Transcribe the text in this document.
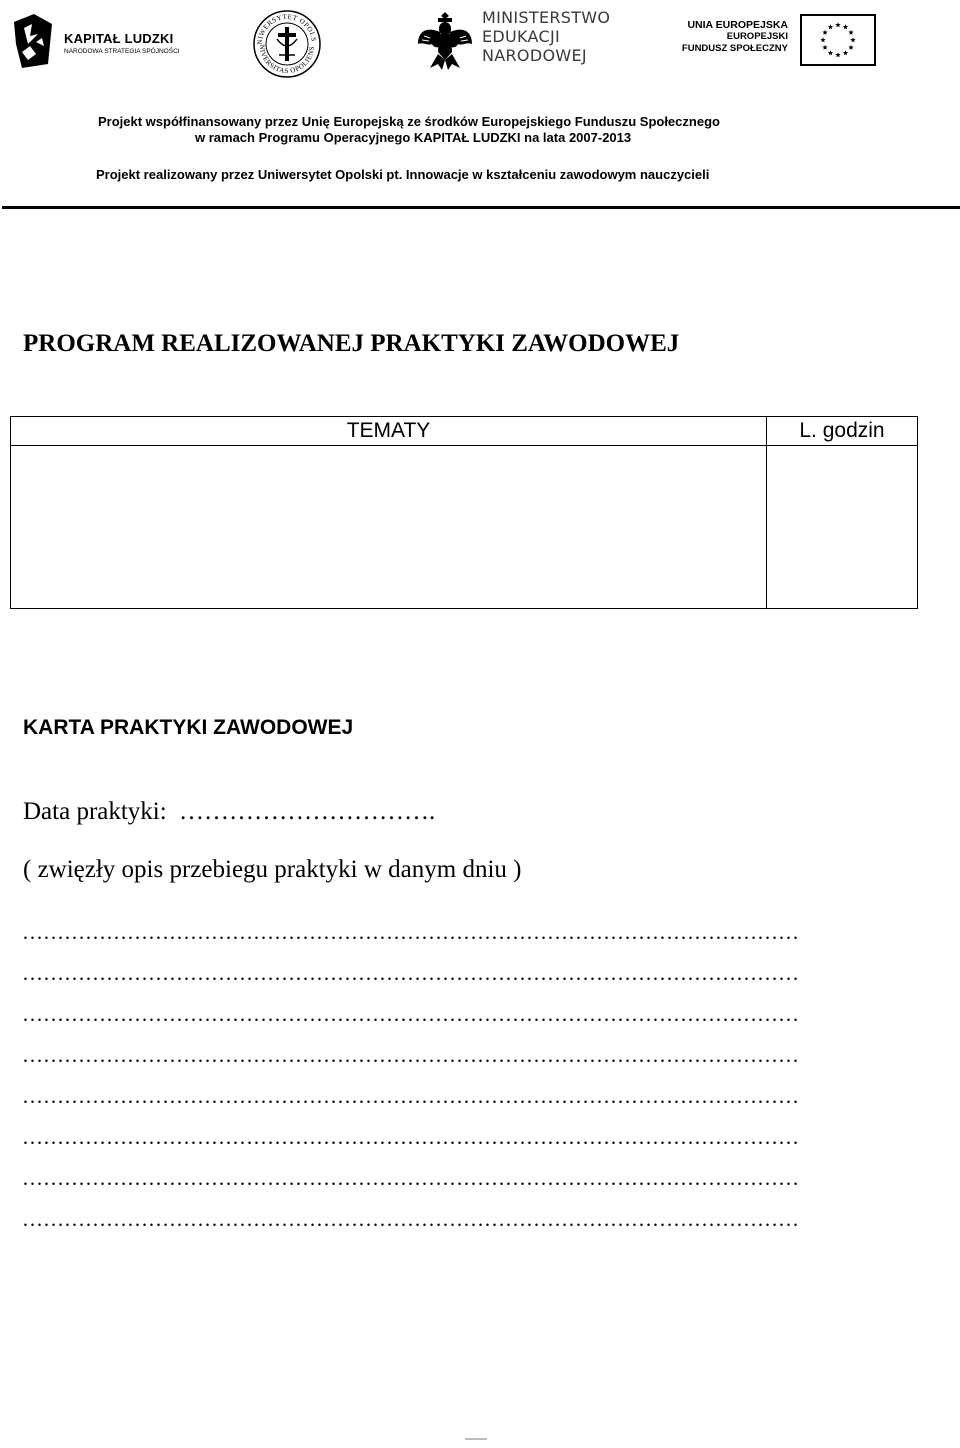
KAPITAŁ LUDZKI
NARODOWA STRATEGIA SPÓJNOŚCI
NIWERSYTET OPOLS
NIVERSITAS OPOLIENS
MINISTERSTWO
EDUKACJI
NARODOWEJ
UNIA EUROPEJSKA
EUROPEJSKI
FUNDUSZ SPOŁECZNY
Projekt współfinansowany przez Unię Europejską ze środków Europejskiego Funduszu Społecznego
w ramach Programu Operacyjnego KAPITAŁ LUDZKI na lata 2007-2013
Projekt realizowany przez Uniwersytet Opolski pt. Innowacje w kształceniu zawodowym nauczycieli
PROGRAM REALIZOWANEJ PRAKTYKI ZAWODOWEJ
TEMATY	L. godzin
KARTA PRAKTYKI ZAWODOWEJ
Data praktyki: ………………………….
( zwięzły opis przebiegu praktyki w danym dniu )
…………………………………………………………………………………………………
…………………………………………………………………………………………………
…………………………………………………………………………………………………
…………………………………………………………………………………………………
…………………………………………………………………………………………………
…………………………………………………………………………………………………
…………………………………………………………………………………………………
…………………………………………………………………………………………………
